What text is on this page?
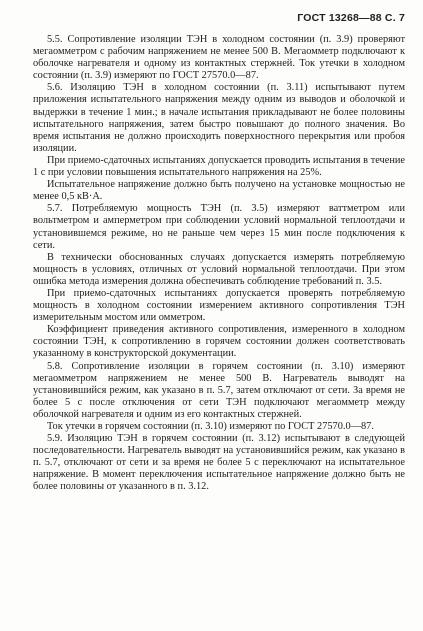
ГОСТ 13268—88 С. 7

5.5. Сопротивление изоляции ТЭН в холодном состоянии (п. 3.9) проверяют мегаомметром с рабочим напряжением не менее 500 В. Мегаомметр подключают к оболочке нагревателя и одному из контактных стержней. Ток утечки в холодном состоянии (п. 3.9) измеряют по ГОСТ 27570.0—87.

5.6. Изоляцию ТЭН в холодном состоянии (п. 3.11) испытывают путем приложения испытательного напряжения между одним из выводов и оболочкой и выдержки в течение 1 мин.; в начале испытания прикладывают не более половины испытательного напряжения, затем быстро повышают до полного значения. Во время испытания не должно происходить поверхностного перекрытия или пробоя изоляции.

При приемо-сдаточных испытаниях допускается проводить испытания в течение 1 с при условии повышения испытательного напряжения на 25%.

Испытательное напряжение должно быть получено на установке мощностью не менее 0,5 кВ·А.

5.7. Потребляемую мощность ТЭН (п. 3.5) измеряют ваттметром или вольтметром и амперметром при соблюдении условий нормальной теплоотдачи и установившемся режиме, но не раньше чем через 15 мин после подключения к сети.

В технически обоснованных случаях допускается измерять потребляемую мощность в условиях, отличных от условий нормальной теплоотдачи. При этом ошибка метода измерения должна обеспечивать соблюдение требований п. 3.5.

При приемо-сдаточных испытаниях допускается проверять потребляемую мощность в холодном состоянии измерением активного сопротивления ТЭН измерительным мостом или омметром.

Коэффициент приведения активного сопротивления, измеренного в холодном состоянии ТЭН, к сопротивлению в горячем состоянии должен соответствовать указанному в конструкторской документации.

5.8. Сопротивление изоляции в горячем состоянии (п. 3.10) измеряют мегаомметром напряжением не менее 500 В. Нагреватель выводят на установившийся режим, как указано в п. 5.7, затем отключают от сети. За время не более 5 с после отключения от сети ТЭН подключают мегаомметр между оболочкой нагревателя и одним из его контактных стержней.

Ток утечки в горячем состоянии (п. 3.10) измеряют по ГОСТ 27570.0—87.

5.9. Изоляцию ТЭН в горячем состоянии (п. 3.12) испытывают в следующей последовательности. Нагреватель выводят на установившийся режим, как указано в п. 5.7, отключают от сети и за время не более 5 с переключают на испытательное напряжение. В момент переключения испытательное напряжение должно быть не более половины от указанного в п. 3.12.
